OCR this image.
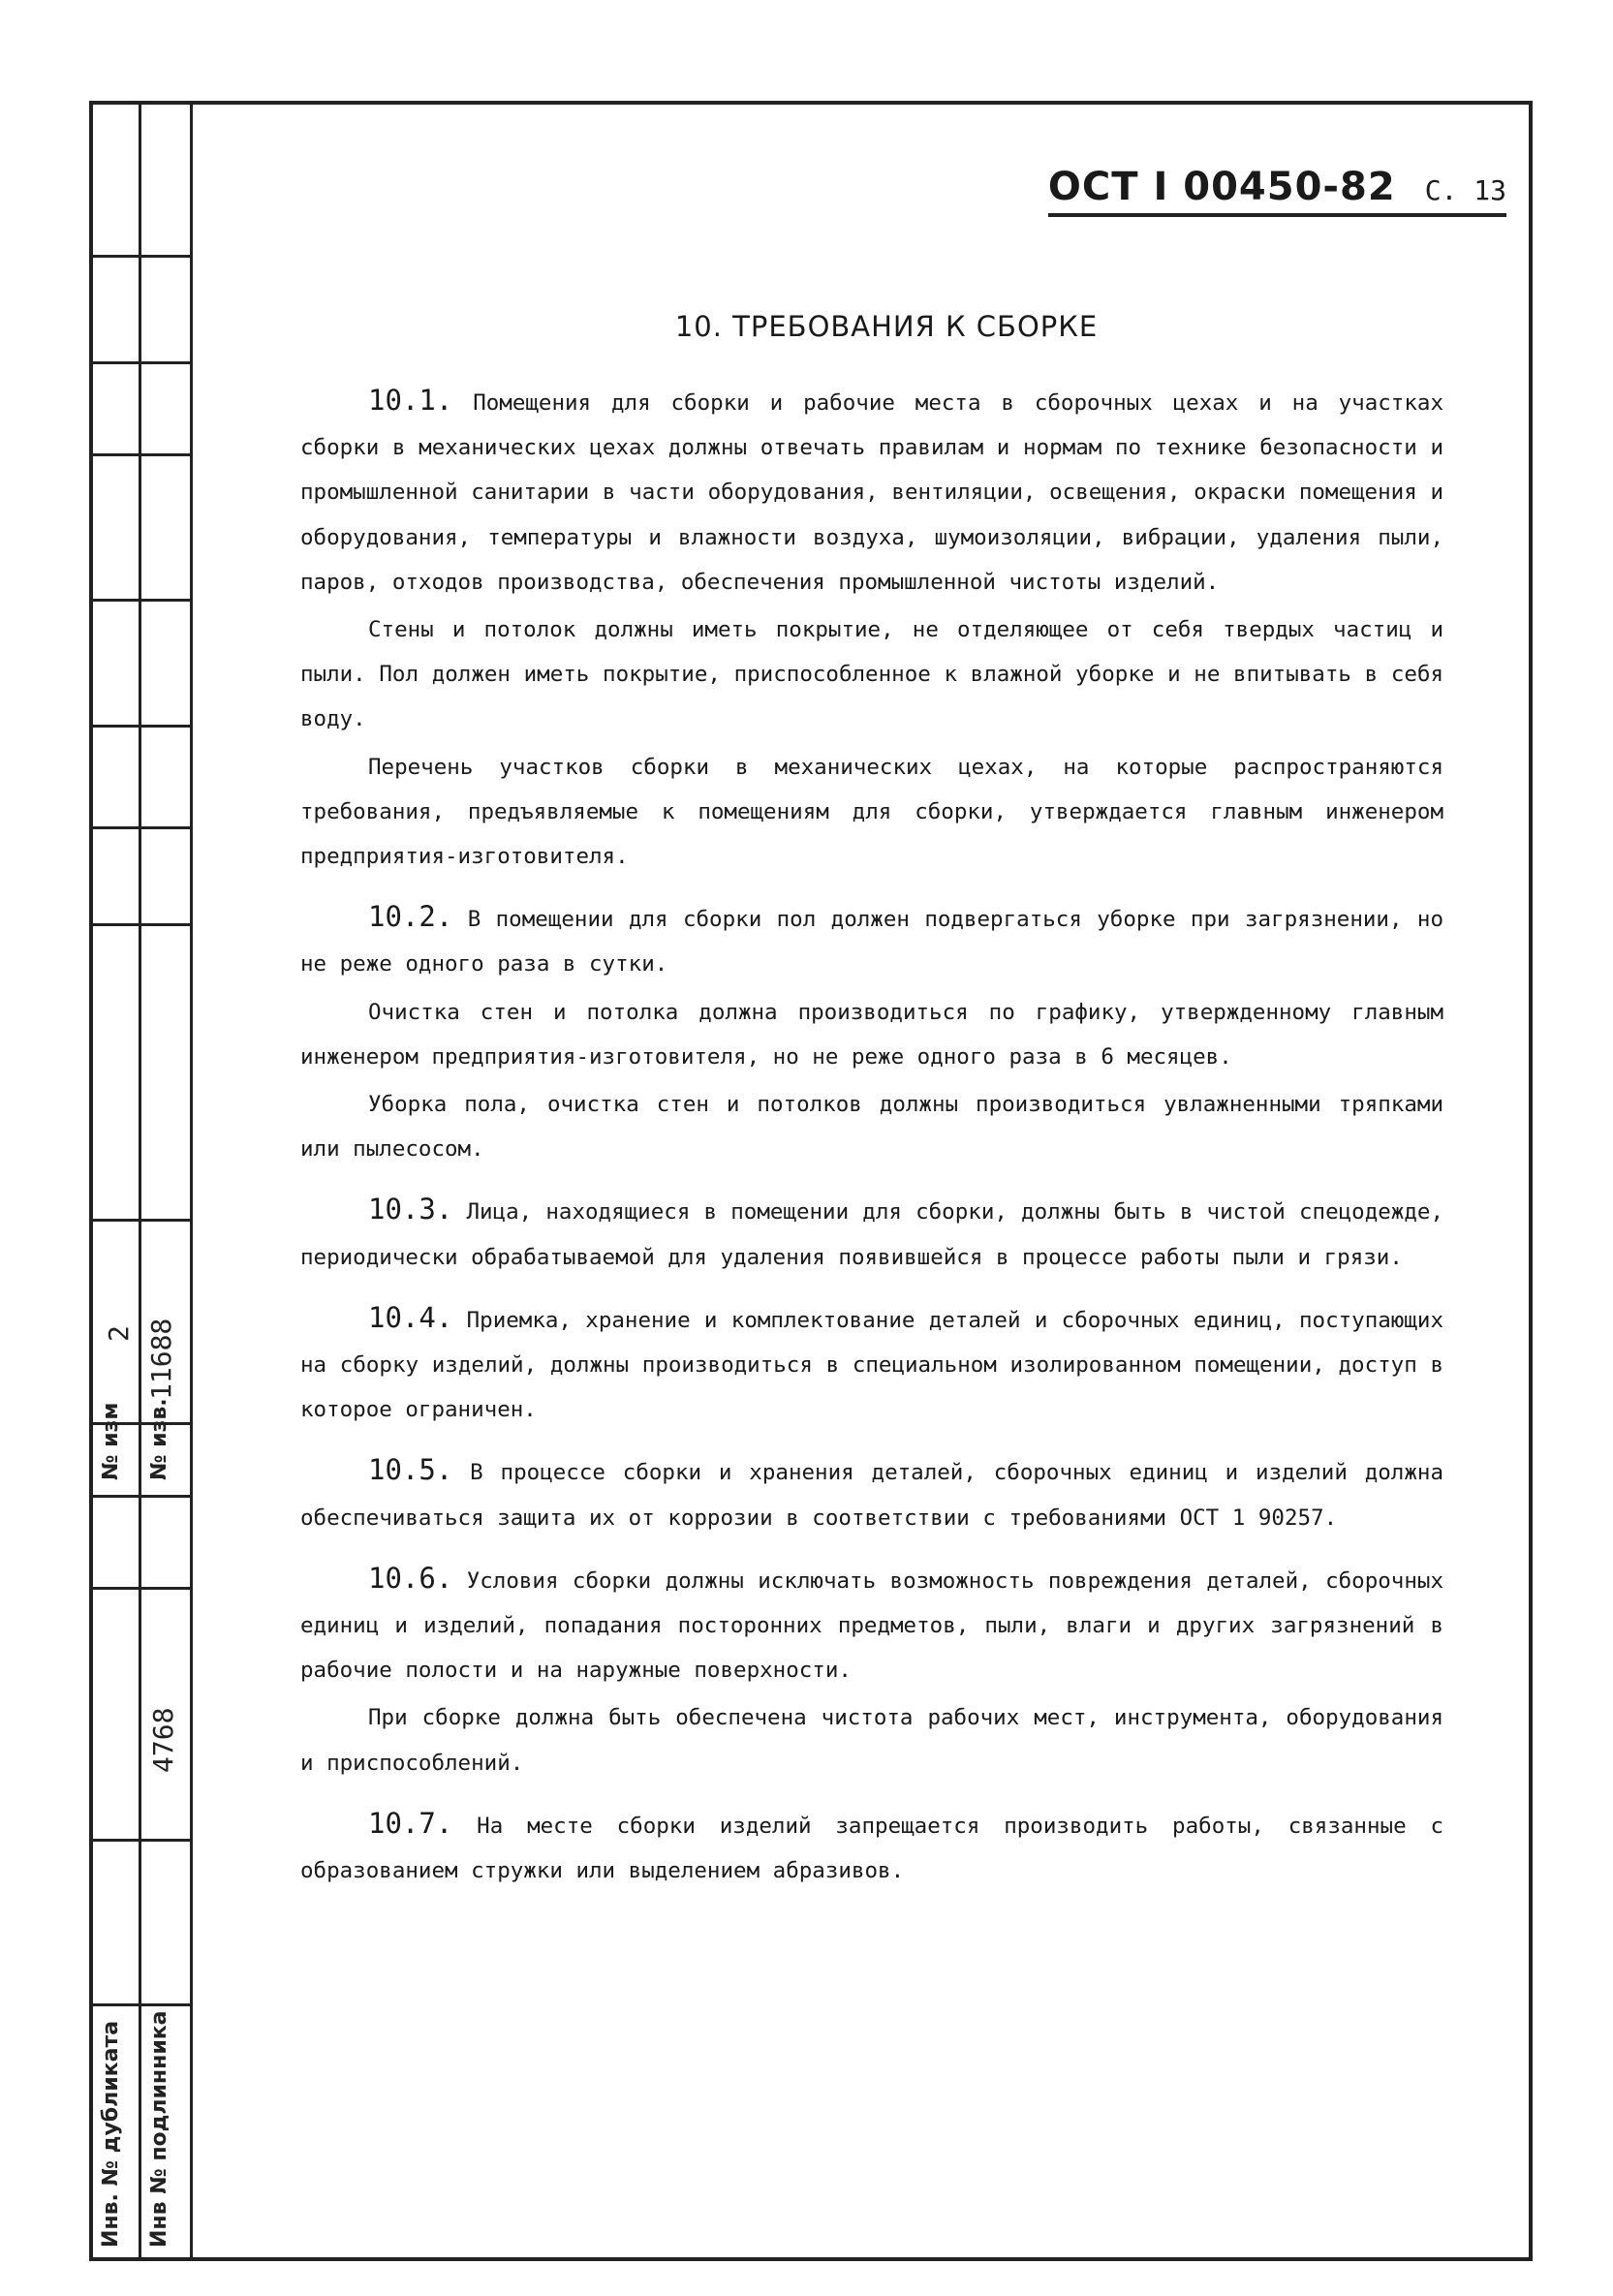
№ изм
2
№ изв.
11688
4768
Инв. № дубликата Инв № подлинника
ОСТ I 00450-82 С. 13
10. ТРЕБОВАНИЯ К СБОРКЕ

10.1. Помещения для сборки и рабочие места в сборочных цехах и на участках сборки в механических цехах должны отвечать правилам и нормам по технике безопасности и промышленной санитарии в части оборудования, вентиляции, освещения, окраски помещения и оборудования, температуры и влажности воздуха, шумоизоляции, вибрации, удаления пыли, паров, отходов производства, обеспечения промышленной чистоты изделий.

Стены и потолок должны иметь покрытие, не отделяющее от себя твердых частиц и пыли. Пол должен иметь покрытие, приспособленное к влажной уборке и не впитывать в себя воду.

Перечень участков сборки в механических цехах, на которые распространяются требования, предъявляемые к помещениям для сборки, утверждается главным инженером предприятия-изготовителя.

10.2. В помещении для сборки пол должен подвергаться уборке при загрязнении, но не реже одного раза в сутки.

Очистка стен и потолка должна производиться по графику, утвержденному главным инженером предприятия-изготовителя, но не реже одного раза в 6 месяцев.

Уборка пола, очистка стен и потолков должны производиться увлажненными тряпками или пылесосом.

10.3. Лица, находящиеся в помещении для сборки, должны быть в чистой спецодежде, периодически обрабатываемой для удаления появившейся в процессе работы пыли и грязи.

10.4. Приемка, хранение и комплектование деталей и сборочных единиц, поступающих на сборку изделий, должны производиться в специальном изолированном помещении, доступ в которое ограничен.

10.5. В процессе сборки и хранения деталей, сборочных единиц и изделий должна обеспечиваться защита их от коррозии в соответствии с требованиями ОСТ 1 90257.

10.6. Условия сборки должны исключать возможность повреждения деталей, сборочных единиц и изделий, попадания посторонних предметов, пыли, влаги и других загрязнений в рабочие полости и на наружные поверхности.

При сборке должна быть обеспечена чистота рабочих мест, инструмента, оборудования и приспособлений.

10.7. На месте сборки изделий запрещается производить работы, связанные с образованием стружки или выделением абразивов.
